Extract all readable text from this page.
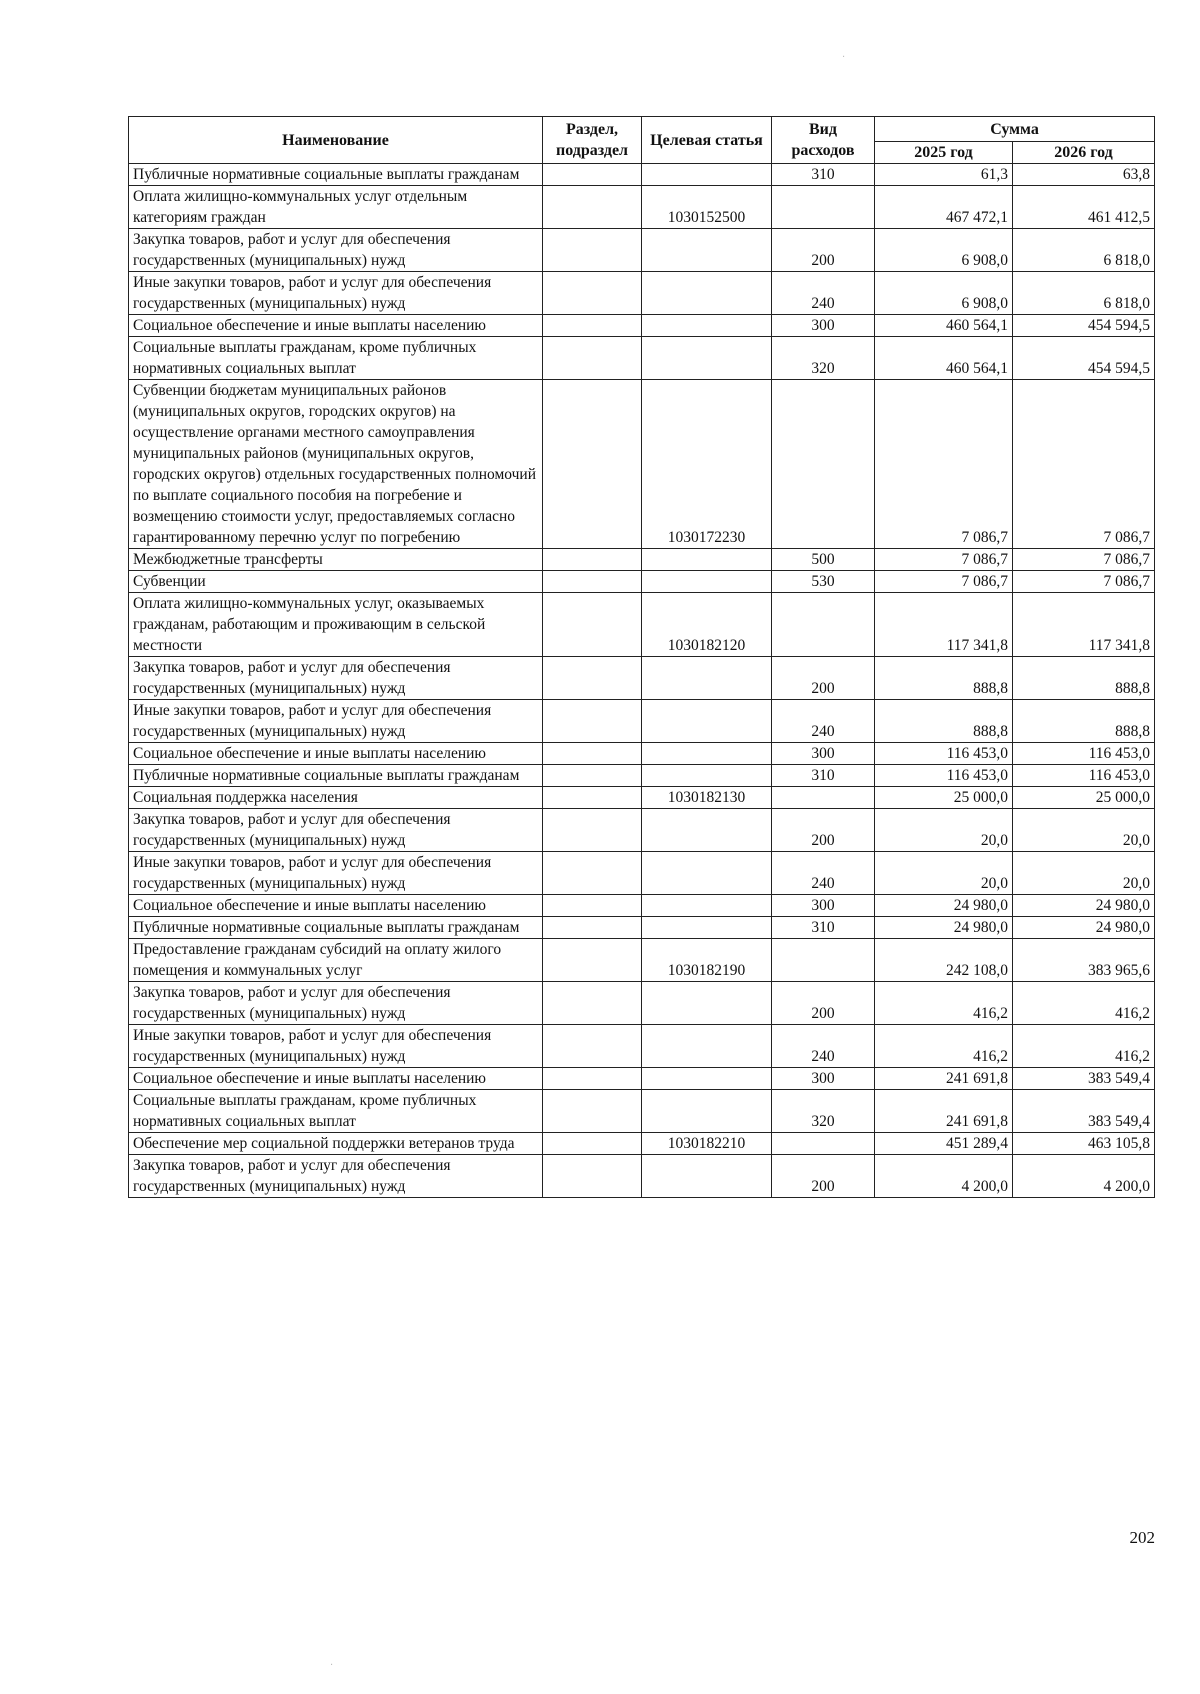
Наименование	Раздел, подраздел	Целевая статья	Вид расходов	Сумма	
				2025 год	2026 год
Публичные нормативные социальные выплаты гражданам			310	61,3	63,8
Оплата жилищно-коммунальных услуг отдельным категориям граждан		1030152500		467 472,1	461 412,5
Закупка товаров, работ и услуг для обеспечения государственных (муниципальных) нужд			200	6 908,0	6 818,0
Иные закупки товаров, работ и услуг для обеспечения государственных (муниципальных) нужд			240	6 908,0	6 818,0
Социальное обеспечение и иные выплаты населению			300	460 564,1	454 594,5
Социальные выплаты гражданам, кроме публичных нормативных социальных выплат			320	460 564,1	454 594,5
Субвенции бюджетам муниципальных районов (муниципальных округов, городских округов) на осуществление органами местного самоуправления муниципальных районов (муниципальных округов, городских округов) отдельных государственных полномочий по выплате социального пособия на погребение и возмещению стоимости услуг, предоставляемых согласно гарантированному перечню услуг по погребению		1030172230		7 086,7	7 086,7
Межбюджетные трансферты			500	7 086,7	7 086,7
Субвенции			530	7 086,7	7 086,7
Оплата жилищно-коммунальных услуг, оказываемых гражданам, работающим и проживающим в сельской местности		1030182120		117 341,8	117 341,8
Закупка товаров, работ и услуг для обеспечения государственных (муниципальных) нужд			200	888,8	888,8
Иные закупки товаров, работ и услуг для обеспечения государственных (муниципальных) нужд			240	888,8	888,8
Социальное обеспечение и иные выплаты населению			300	116 453,0	116 453,0
Публичные нормативные социальные выплаты гражданам			310	116 453,0	116 453,0
Социальная поддержка населения		1030182130		25 000,0	25 000,0
Закупка товаров, работ и услуг для обеспечения государственных (муниципальных) нужд			200	20,0	20,0
Иные закупки товаров, работ и услуг для обеспечения государственных (муниципальных) нужд			240	20,0	20,0
Социальное обеспечение и иные выплаты населению			300	24 980,0	24 980,0
Публичные нормативные социальные выплаты гражданам			310	24 980,0	24 980,0
Предоставление гражданам субсидий на оплату жилого помещения и коммунальных услуг		1030182190		242 108,0	383 965,6
Закупка товаров, работ и услуг для обеспечения государственных (муниципальных) нужд			200	416,2	416,2
Иные закупки товаров, работ и услуг для обеспечения государственных (муниципальных) нужд			240	416,2	416,2
Социальное обеспечение и иные выплаты населению			300	241 691,8	383 549,4
Социальные выплаты гражданам, кроме публичных нормативных социальных выплат			320	241 691,8	383 549,4
Обеспечение мер социальной поддержки ветеранов труда		1030182210		451 289,4	463 105,8
Закупка товаров, работ и услуг для обеспечения государственных (муниципальных) нужд			200	4 200,0	4 200,0
202
·
·
